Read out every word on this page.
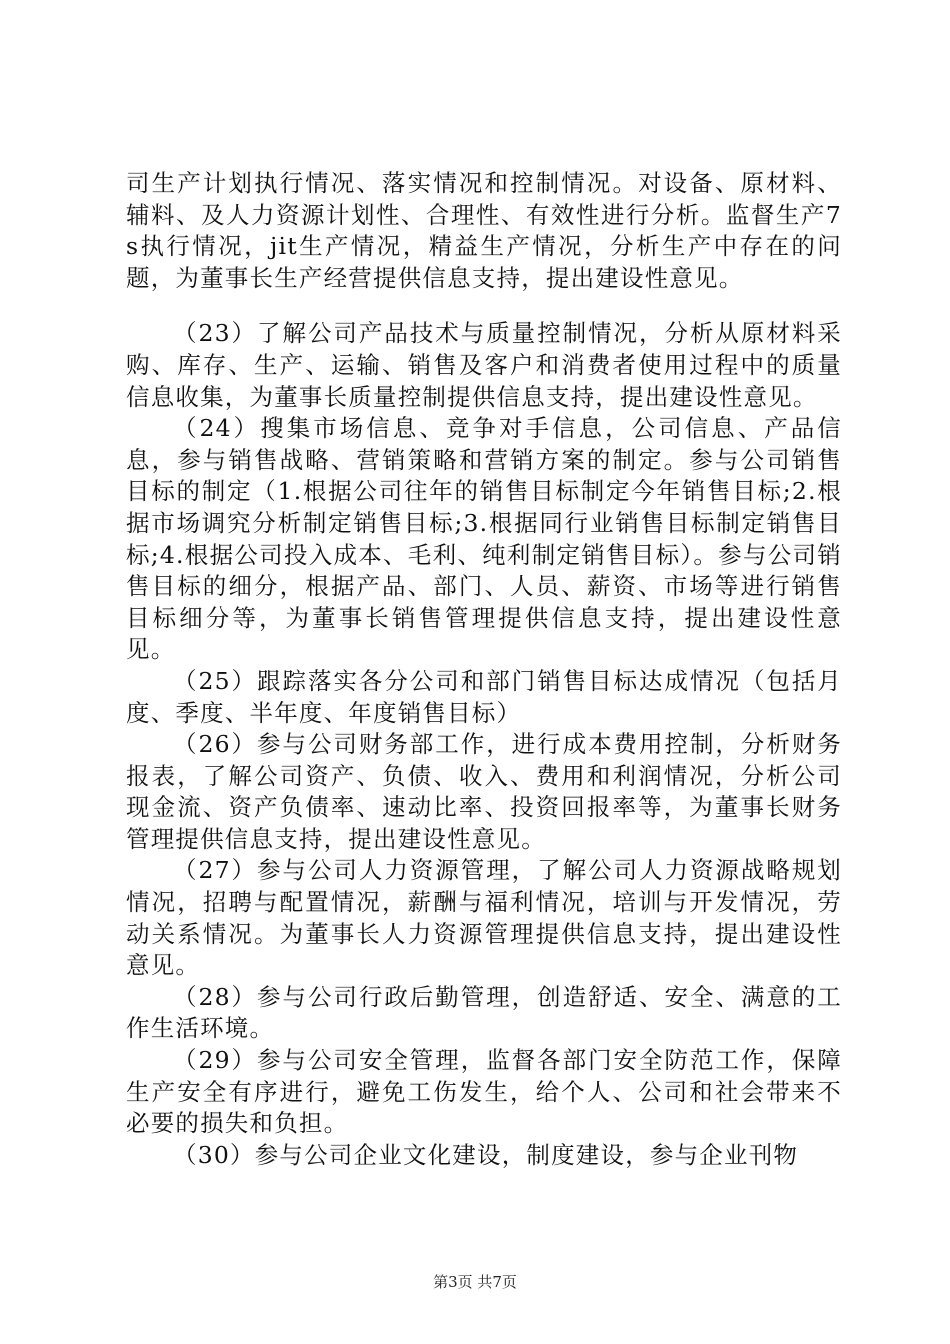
司生产计划执行情况、落实情况和控制情况。对设备、原材料、辅料、及人力资源计划性、合理性、有效性进行分析。监督生产7s执行情况，jit生产情况，精益生产情况，分析生产中存在的问题，为董事长生产经营提供信息支持，提出建设性意见。

（23）了解公司产品技术与质量控制情况，分析从原材料采购、库存、生产、运输、销售及客户和消费者使用过程中的质量信息收集，为董事长质量控制提供信息支持，提出建设性意见。

（24）搜集市场信息、竞争对手信息，公司信息、产品信息，参与销售战略、营销策略和营销方案的制定。参与公司销售目标的制定（1.根据公司往年的销售目标制定今年销售目标;2.根据市场调究分析制定销售目标;3.根据同行业销售目标制定销售目标;4.根据公司投入成本、毛利、纯利制定销售目标）。参与公司销售目标的细分，根据产品、部门、人员、薪资、市场等进行销售目标细分等，为董事长销售管理提供信息支持，提出建设性意见。

（25）跟踪落实各分公司和部门销售目标达成情况（包括月度、季度、半年度、年度销售目标）

（26）参与公司财务部工作，进行成本费用控制，分析财务报表，了解公司资产、负债、收入、费用和利润情况，分析公司现金流、资产负债率、速动比率、投资回报率等，为董事长财务管理提供信息支持，提出建设性意见。

（27）参与公司人力资源管理，了解公司人力资源战略规划情况，招聘与配置情况，薪酬与福利情况，培训与开发情况，劳动关系情况。为董事长人力资源管理提供信息支持，提出建设性意见。

（28）参与公司行政后勤管理，创造舒适、安全、满意的工作生活环境。

（29）参与公司安全管理，监督各部门安全防范工作，保障生产安全有序进行，避免工伤发生，给个人、公司和社会带来不必要的损失和负担。

（30）参与公司企业文化建设，制度建设，参与企业刊物

第3页 共7页
